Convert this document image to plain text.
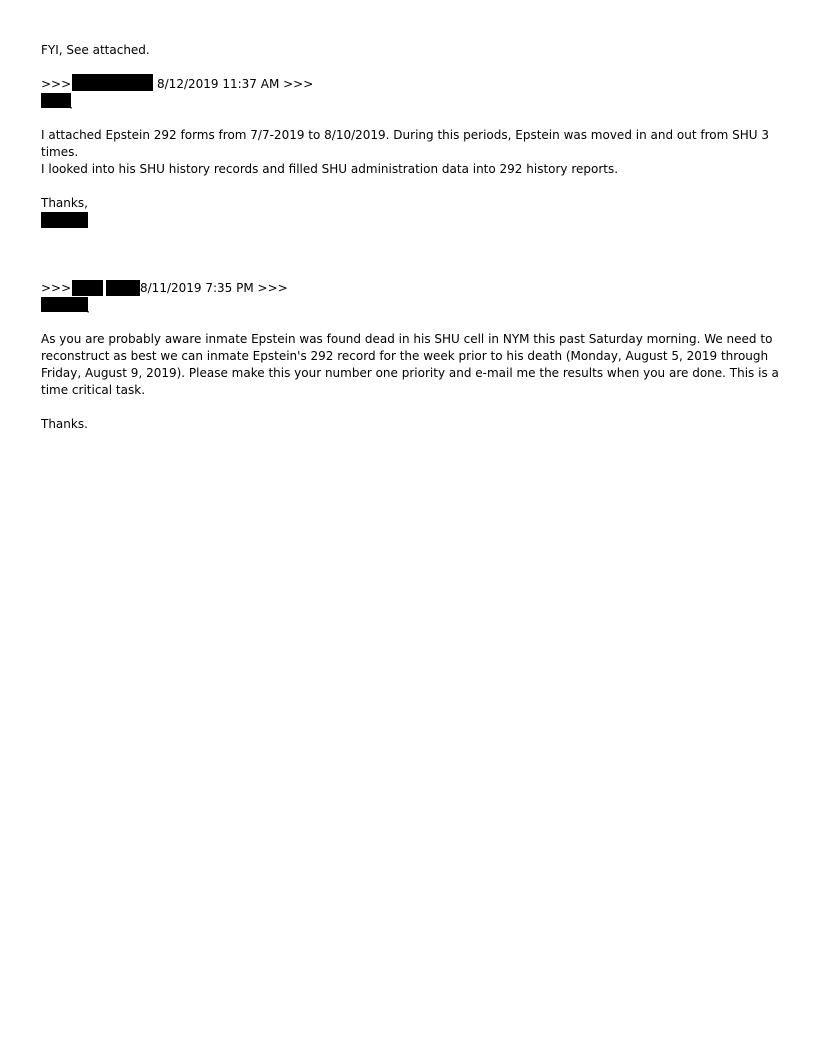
FYI, See attached.

>>>	8/12/2019 11:37 AM >>>

,

I attached Epstein 292 forms from 7/7-2019 to 8/10/2019. During this periods, Epstein was moved in and out from SHU 3

times.

I looked into his SHU history records and filled SHU administration data into 292 history reports.

Thanks,

>>>	8/11/2019 7:35 PM >>>

,

As you are probably aware inmate Epstein was found dead in his SHU cell in NYM this past Saturday morning. We need to

reconstruct as best we can inmate Epstein's 292 record for the week prior to his death (Monday, August 5, 2019 through

Friday, August 9, 2019). Please make this your number one priority and e-mail me the results when you are done. This is a

time critical task.

Thanks.
